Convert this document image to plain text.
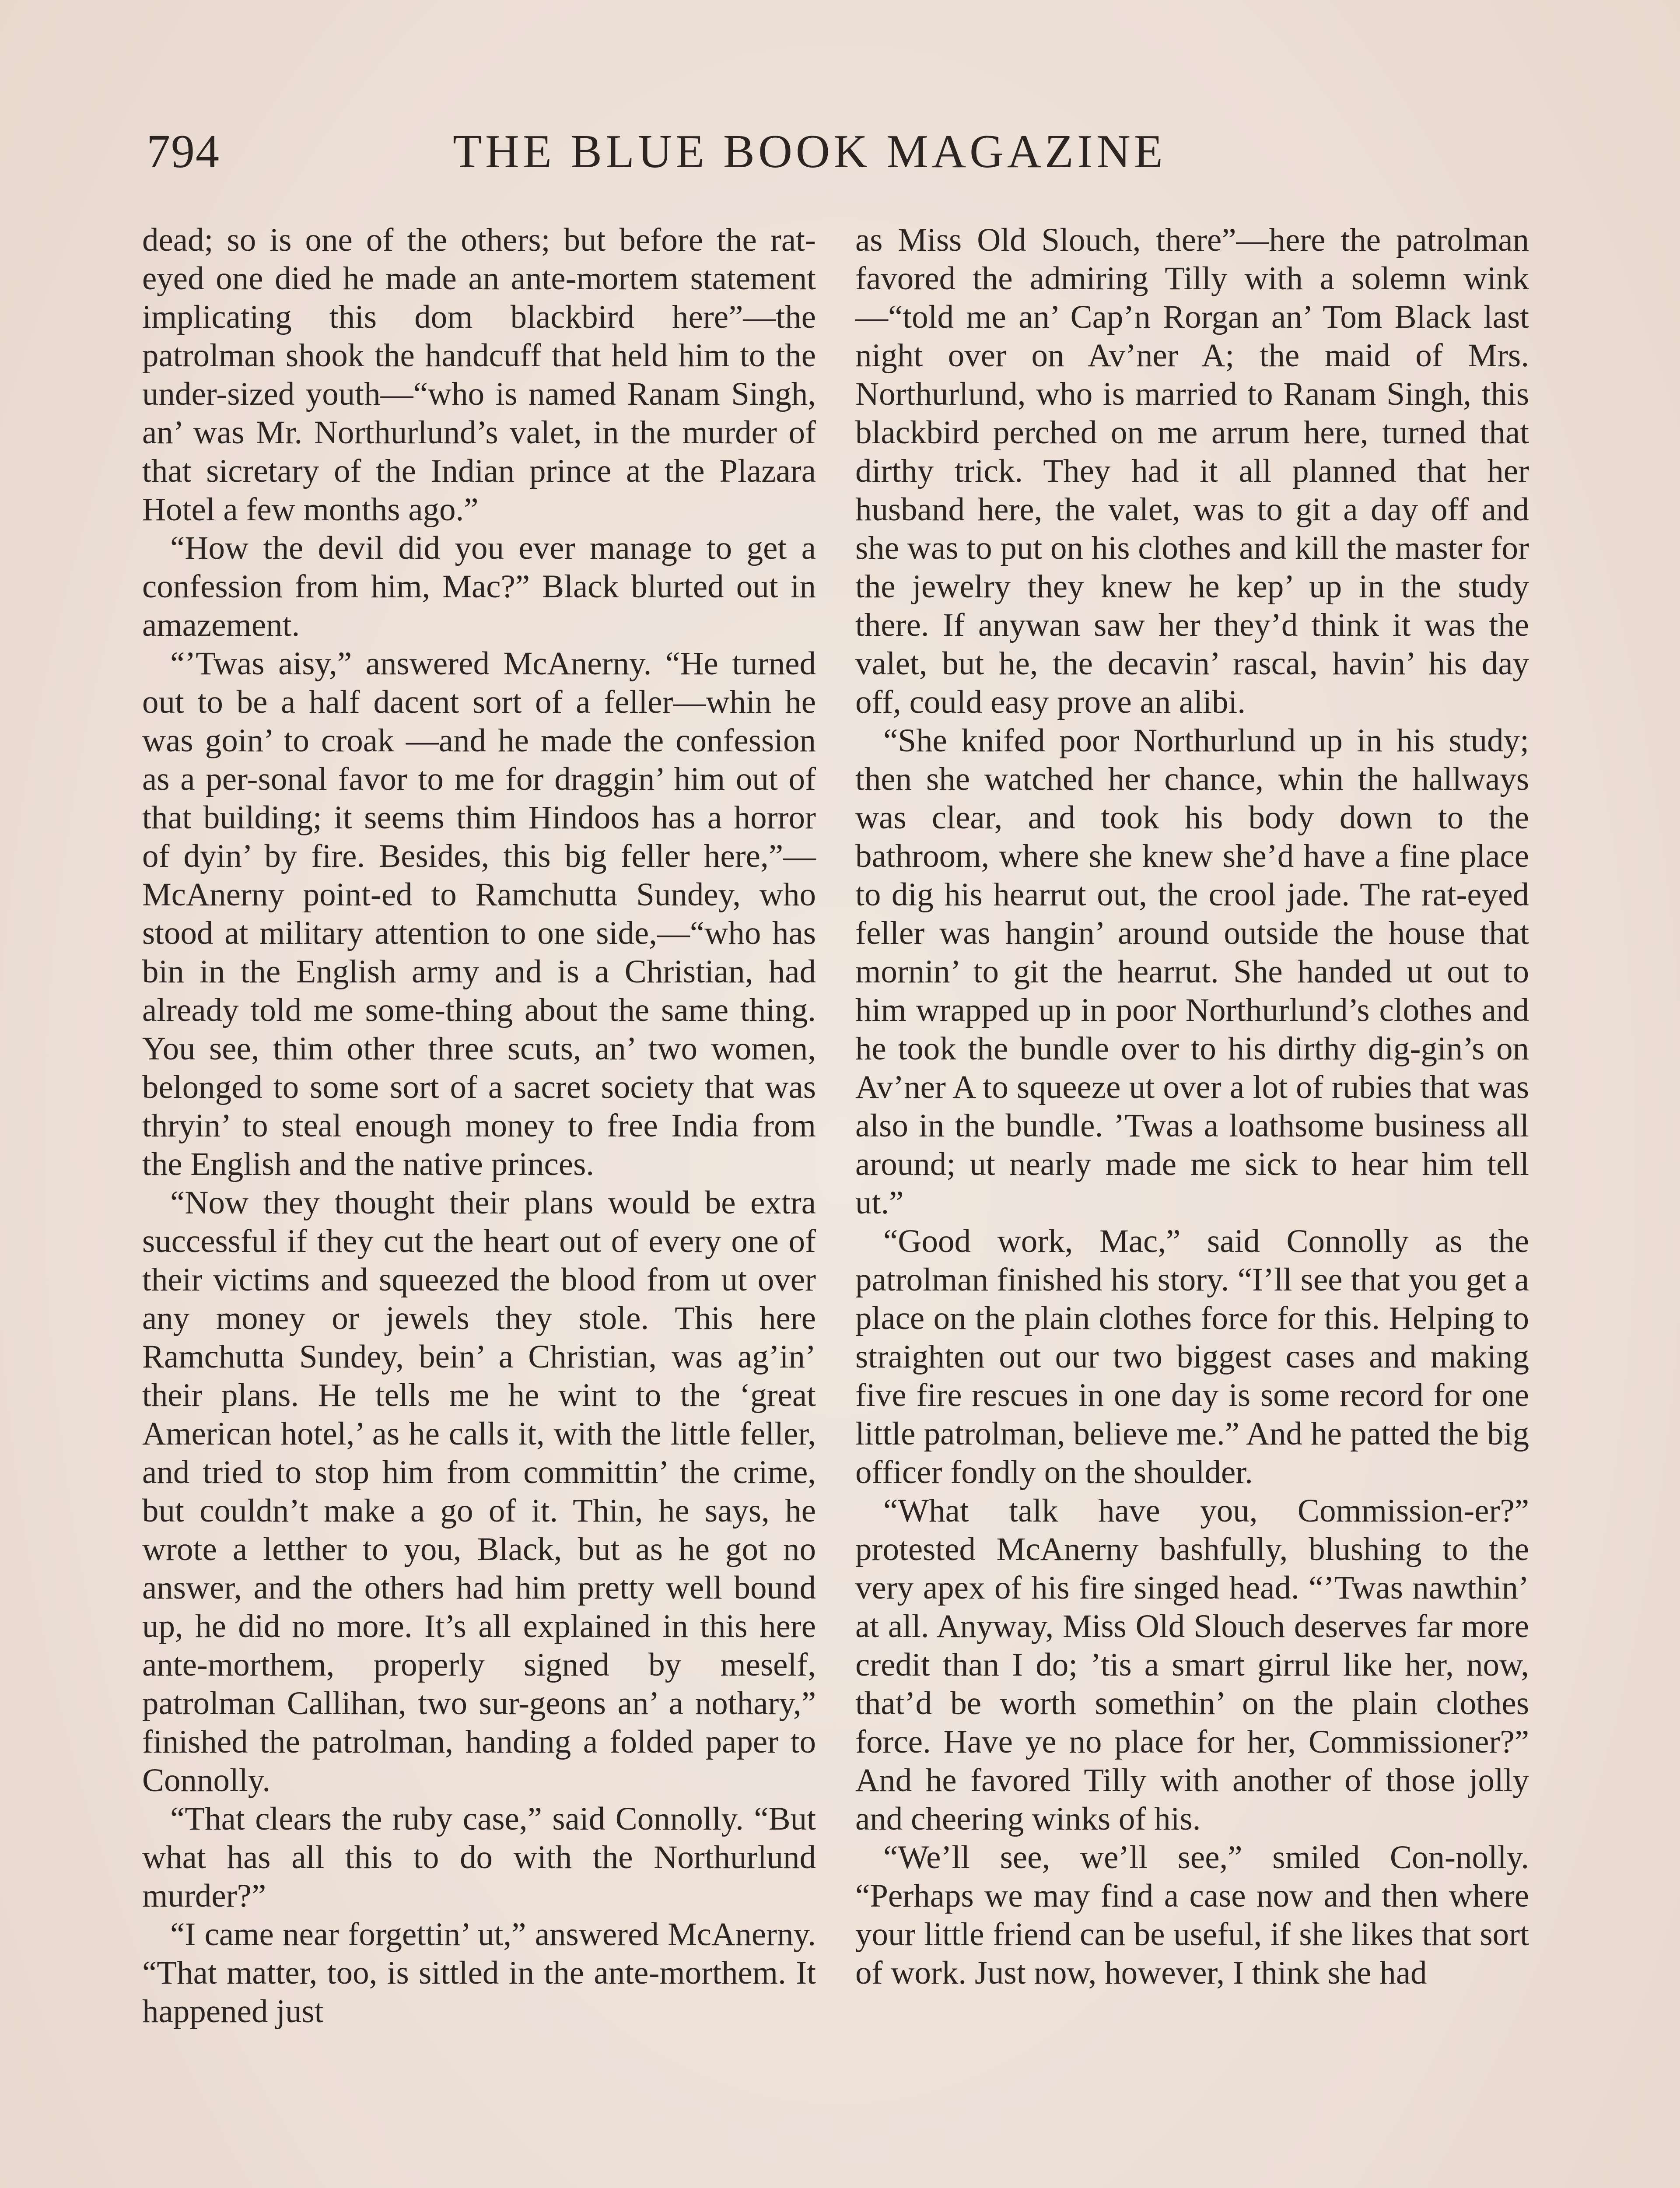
794	THE BLUE BOOK MAGAZINE

dead; so is one of the others; but before the rat-eyed one died he made an ante-mortem statement implicating this dom blackbird here”—the patrolman shook the handcuff that held him to the under-sized youth—“who is named Ranam Singh, an’ was Mr. Northurlund’s valet, in the murder of that sicretary of the Indian prince at the Plazara Hotel a few months ago.”

“How the devil did you ever manage to get a confession from him, Mac?” Black blurted out in amazement.

“’Twas aisy,” answered McAnerny. “He turned out to be a half dacent sort of a feller—whin he was goin’ to croak —and he made the confession as a per-sonal favor to me for draggin’ him out of that building; it seems thim Hindoos has a horror of dyin’ by fire. Besides, this big feller here,”—McAnerny point-ed to Ramchutta Sundey, who stood at military attention to one side,—“who has bin in the English army and is a Christian, had already told me some-thing about the same thing. You see, thim other three scuts, an’ two women, belonged to some sort of a sacret society that was thryin’ to steal enough money to free India from the English and the native princes.

“Now they thought their plans would be extra successful if they cut the heart out of every one of their victims and squeezed the blood from ut over any money or jewels they stole. This here Ramchutta Sundey, bein’ a Christian, was ag’in’ their plans. He tells me he wint to the ‘great American hotel,’ as he calls it, with the little feller, and tried to stop him from committin’ the crime, but couldn’t make a go of it. Thin, he says, he wrote a letther to you, Black, but as he got no answer, and the others had him pretty well bound up, he did no more. It’s all explained in this here ante-morthem, properly signed by meself, patrolman Callihan, two sur-geons an’ a nothary,” finished the patrolman, handing a folded paper to Connolly.

“That clears the ruby case,” said Connolly. “But what has all this to do with the Northurlund murder?”

“I came near forgettin’ ut,” answered McAnerny. “That matter, too, is sittled in the ante-morthem. It happened just

as Miss Old Slouch, there”—here the patrolman favored the admiring Tilly with a solemn wink—“told me an’ Cap’n Rorgan an’ Tom Black last night over on Av’ner A; the maid of Mrs. Northurlund, who is married to Ranam Singh, this blackbird perched on me arrum here, turned that dirthy trick. They had it all planned that her husband here, the valet, was to git a day off and she was to put on his clothes and kill the master for the jewelry they knew he kep’ up in the study there. If anywan saw her they’d think it was the valet, but he, the decavin’ rascal, havin’ his day off, could easy prove an alibi.

“She knifed poor Northurlund up in his study; then she watched her chance, whin the hallways was clear, and took his body down to the bathroom, where she knew she’d have a fine place to dig his hearrut out, the crool jade. The rat-eyed feller was hangin’ around outside the house that mornin’ to git the hearrut. She handed ut out to him wrapped up in poor Northurlund’s clothes and he took the bundle over to his dirthy dig-gin’s on Av’ner A to squeeze ut over a lot of rubies that was also in the bundle. ’Twas a loathsome business all around; ut nearly made me sick to hear him tell ut.”

“Good work, Mac,” said Connolly as the patrolman finished his story. “I’ll see that you get a place on the plain clothes force for this. Helping to straighten out our two biggest cases and making five fire rescues in one day is some record for one little patrolman, believe me.” And he patted the big officer fondly on the shoulder.

“What talk have you, Commission-er?” protested McAnerny bashfully, blushing to the very apex of his fire singed head. “’Twas nawthin’ at all. Anyway, Miss Old Slouch deserves far more credit than I do; ’tis a smart girrul like her, now, that’d be worth somethin’ on the plain clothes force. Have ye no place for her, Commissioner?” And he favored Tilly with another of those jolly and cheering winks of his.

“We’ll see, we’ll see,” smiled Con-nolly. “Perhaps we may find a case now and then where your little friend can be useful, if she likes that sort of work. Just now, however, I think she had
